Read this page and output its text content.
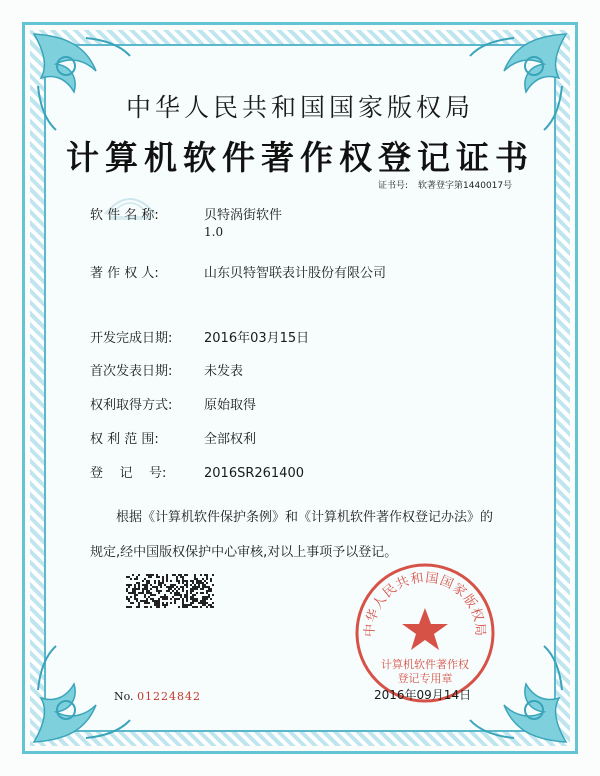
中华人民共和国国家版权局
计算机软件著作权登记证书
证书号: 软著登字第1440017号
软 件 名 称:	贝特涡街软件
1.0
著 作 权 人:	山东贝特智联表计股份有限公司
开发完成日期: 2016年03月15日
首次发表日期: 未发表
权利取得方式: 原始取得
权 利 范 围:	全部权利
登    记    号:	2016SR261400
根据《计算机软件保护条例》和《计算机软件著作权登记办法》的
规定,经中国版权保护中心审核,对以上事项予以登记。
中华人民共和国国家版权局
计算机软件著作权
登记专用章
No. 01224842	2016年09月14日
